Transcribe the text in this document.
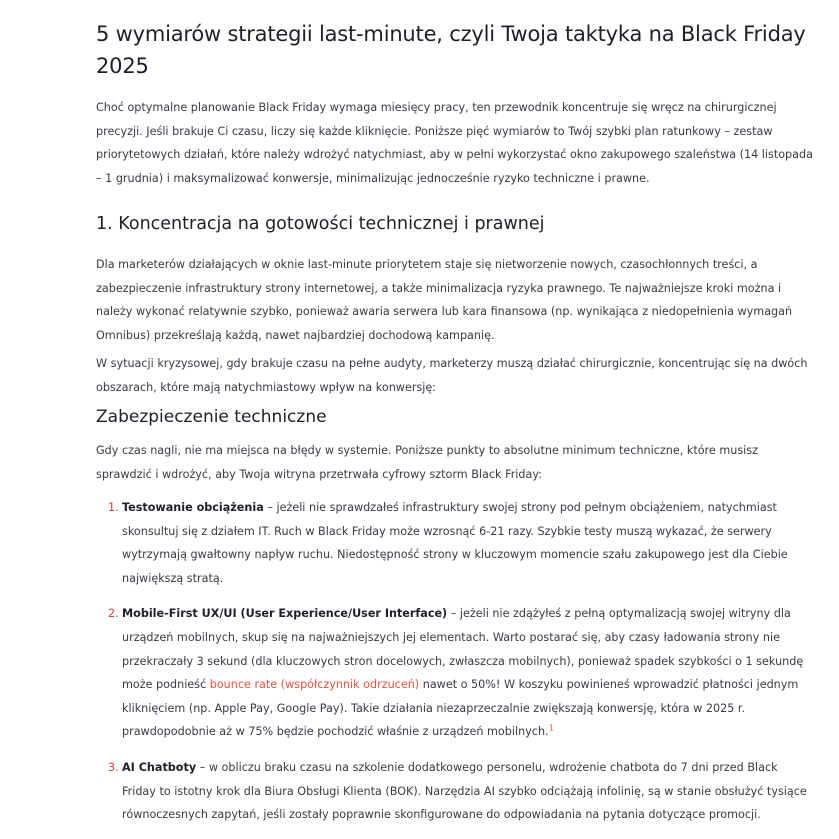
5 wymiarów strategii last-minute, czyli Twoja taktyka na Black Friday 2025

Choć optymalne planowanie Black Friday wymaga miesięcy pracy, ten przewodnik koncentruje się wręcz na chirurgicznej precyzji. Jeśli brakuje Ci czasu, liczy się każde kliknięcie. Poniższe pięć wymiarów to Twój szybki plan ratunkowy – zestaw priorytetowych działań, które należy wdrożyć natychmiast, aby w pełni wykorzystać okno zakupowego szaleństwa (14 listopada – 1 grudnia) i maksymalizować konwersje, minimalizując jednocześnie ryzyko techniczne i prawne.

1. Koncentracja na gotowości technicznej i prawnej

Dla marketerów działających w oknie last-minute priorytetem staje się nietworzenie nowych, czasochłonnych treści, a zabezpieczenie infrastruktury strony internetowej, a także minimalizacja ryzyka prawnego. Te najważniejsze kroki można i należy wykonać relatywnie szybko, ponieważ awaria serwera lub kara finansowa (np. wynikająca z niedopełnienia wymagań Omnibus) przekreślają każdą, nawet najbardziej dochodową kampanię.

W sytuacji kryzysowej, gdy brakuje czasu na pełne audyty, marketerzy muszą działać chirurgicznie, koncentrując się na dwóch obszarach, które mają natychmiastowy wpływ na konwersję:

Zabezpieczenie techniczne

Gdy czas nagli, nie ma miejsca na błędy w systemie. Poniższe punkty to absolutne minimum techniczne, które musisz sprawdzić i wdrożyć, aby Twoja witryna przetrwała cyfrowy sztorm Black Friday:

1. Testowanie obciążenia – jeżeli nie sprawdzałeś infrastruktury swojej strony pod pełnym obciążeniem, natychmiast skonsultuj się z działem IT. Ruch w Black Friday może wzrosnąć 6-21 razy. Szybkie testy muszą wykazać, że serwery wytrzymają gwałtowny napływ ruchu. Niedostępność strony w kluczowym momencie szału zakupowego jest dla Ciebie największą stratą.
2. Mobile-First UX/UI (User Experience/User Interface) – jeżeli nie zdążyłeś z pełną optymalizacją swojej witryny dla urządzeń mobilnych, skup się na najważniejszych jej elementach. Warto postarać się, aby czasy ładowania strony nie przekraczały 3 sekund (dla kluczowych stron docelowych, zwłaszcza mobilnych), ponieważ spadek szybkości o 1 sekundę może podnieść bounce rate (współczynnik odrzuceń) nawet o 50%! W koszyku powinieneś wprowadzić płatności jednym kliknięciem (np. Apple Pay, Google Pay). Takie działania niezaprzeczalnie zwiększają konwersję, która w 2025 r. prawdopodobnie aż w 75% będzie pochodzić właśnie z urządzeń mobilnych.$^1$
3. AI Chatboty – w obliczu braku czasu na szkolenie dodatkowego personelu, wdrożenie chatbota do 7 dni przed Black Friday to istotny krok dla Biura Obsługi Klienta (BOK). Narzędzia AI szybko odciążają infolinię, są w stanie obsłużyć tysiące równoczesnych zapytań, jeśli zostały poprawnie skonfigurowane do odpowiadania na pytania dotyczące promocji.
